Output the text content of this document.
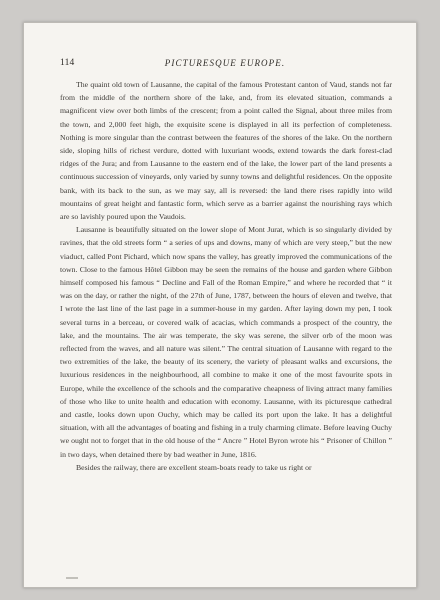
114	PICTURESQUE EUROPE.

The quaint old town of Lausanne, the capital of the famous Protestant canton of Vaud, stands not far from the middle of the northern shore of the lake, and, from its elevated situation, commands a magnificent view over both limbs of the crescent; from a point called the Signal, about three miles from the town, and 2,000 feet high, the exquisite scene is displayed in all its perfection of completeness. Nothing is more singular than the contrast between the features of the shores of the lake. On the northern side, sloping hills of richest verdure, dotted with luxuriant woods, extend towards the dark forest-clad ridges of the Jura; and from Lausanne to the eastern end of the lake, the lower part of the land presents a continuous succession of vineyards, only varied by sunny towns and delightful residences. On the opposite bank, with its back to the sun, as we may say, all is reversed: the land there rises rapidly into wild mountains of great height and fantastic form, which serve as a barrier against the nourishing rays which are so lavishly poured upon the Vaudois.

Lausanne is beautifully situated on the lower slope of Mont Jurat, which is so singularly divided by ravines, that the old streets form “ a series of ups and downs, many of which are very steep,” but the new viaduct, called Pont Pichard, which now spans the valley, has greatly improved the communications of the town. Close to the famous Hôtel Gibbon may be seen the remains of the house and garden where Gibbon himself composed his famous “ Decline and Fall of the Roman Empire,” and where he recorded that “ it was on the day, or rather the night, of the 27th of June, 1787, between the hours of eleven and twelve, that I wrote the last line of the last page in a summer-house in my garden. After laying down my pen, I took several turns in a berceau, or covered walk of acacias, which commands a prospect of the country, the lake, and the mountains. The air was temperate, the sky was serene, the silver orb of the moon was reflected from the waves, and all nature was silent.” The central situation of Lausanne with regard to the two extremities of the lake, the beauty of its scenery, the variety of pleasant walks and excursions, the luxurious residences in the neighbourhood, all combine to make it one of the most favourite spots in Europe, while the excellence of the schools and the comparative cheapness of living attract many families of those who like to unite health and education with economy. Lausanne, with its picturesque cathedral and castle, looks down upon Ouchy, which may be called its port upon the lake. It has a delightful situation, with all the advantages of boating and fishing in a truly charming climate. Before leaving Ouchy we ought not to forget that in the old house of the “ Ancre ” Hotel Byron wrote his “ Prisoner of Chillon ” in two days, when detained there by bad weather in June, 1816.

Besides the railway, there are excellent steam-boats ready to take us right or
